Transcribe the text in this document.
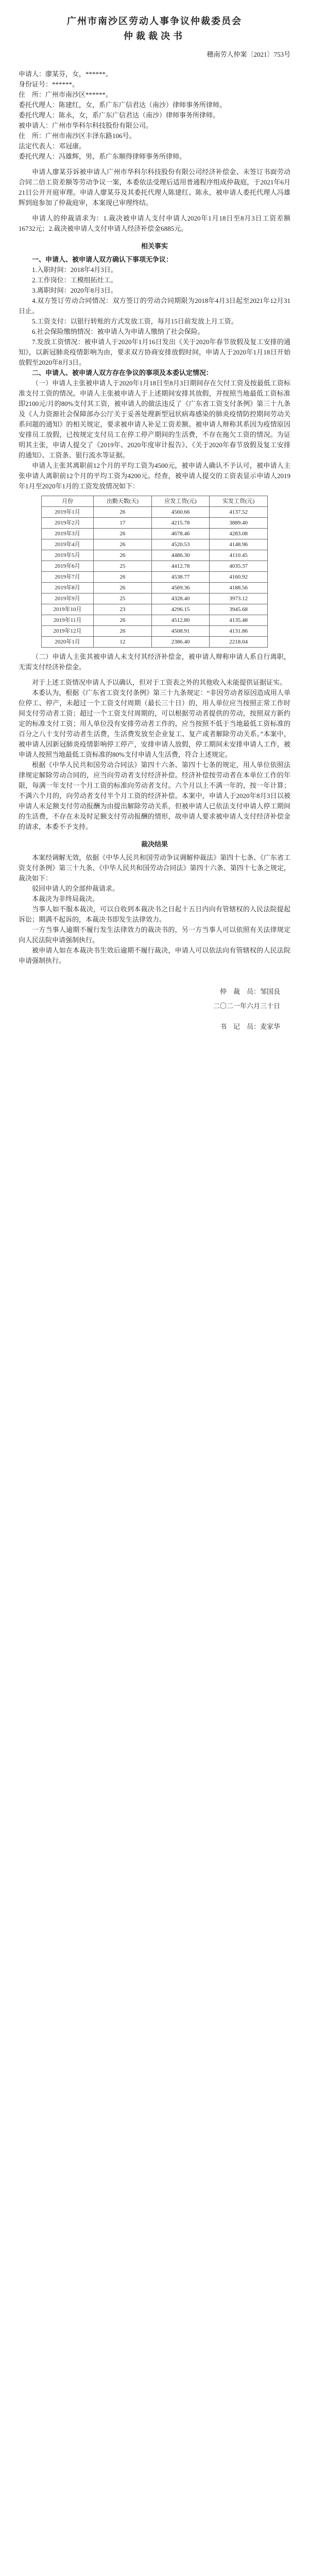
广州市南沙区劳动人事争议仲裁委员会
仲裁裁决书
穗南劳人仲案〔2021〕753号

申请人：廖某芬，女，******。

身份证号：******。

住　所：广州市南沙区******。

委托代理人：陈建红，女，系广东广信君达（南沙）律师事务所律师。

委托代理人：陈永，女，系广东广信君达（南沙）律师事务所律师。

被申请人：广州市华科尔科技股份有限公司。

住　所：广州市南沙区丰泽东路106号。

法定代表人：邓冠康。

委托代理人：冯雄辉，男，系广东顺得律师事务所律师。

申请人廖某芬诉被申请人广州市华科尔科技股份有限公司经济补偿金、未签订书面劳动合同二倍工资差额等劳动争议一案，本委依法受理后适用普通程序组成仲裁庭，于2021年6月21日公开开庭审理。申请人廖某芬及其委托代理人陈建红、陈永，被申请人委托代理人冯雄辉到庭参加了仲裁庭审，本案现已审理终结。

申请人的仲裁请求为：1.裁决被申请人支付申请人2020年1月18日至8月3日工资差额16732元；2.裁决被申请人支付申请人经济补偿金6885元。

相关事实

一、申请人、被申请人双方确认下事项无争议：

1.入职时间：2018年4月3日。

2.工作岗位：工模组拓灶工。

3.离职时间：2020年8月3日。

4.双方签订劳动合同情况：双方签订的劳动合同期限为2018年4月3日起至2021年12月31日止。

5.工资支付：以银行转账的方式发放工资，每月15日前发放上月工资。

6.社会保险缴纳情况：被申请人为申请人缴纳了社会保险。

7.发放工资情况：被申请人于2020年1月16日发出《关于2020年春节放假及复工安排的通知》，以新冠肺炎疫情影响为由，要求双方协商安排放假时间，申请人于2020年1月18日开始放假至2020年8月3日。

二、申请人、被申请人双方存在争议的事项及本委认定情况：

（一）申请人主张被申请人于2020年1月18日至8月3日期间存在欠付工资及按最低工资标准支付工资的情况。申请人主张被申请人于上述期间安排其放假，并按照当地最低工资标准即2100元/月的80%支付其工资，被申请人的做法违反了《广东省工资支付条例》第三十九条及《人力资源社会保障部办公厅关于妥善处理新型冠状病毒感染的肺炎疫情防控期间劳动关系问题的通知》的相关规定，要求被申请人补足工资差额。被申请人辩称其系因为疫情原因安排员工放假，已按规定支付员工在停工停产期间的生活费，不存在拖欠工资的情况。为证明其主张，申请人提交了《2019年、2020年度审计报告》、《关于2020年春节放假及复工安排的通知》、工资条、银行流水等证据。

申请人主张其离职前12个月的平均工资为4500元，被申请人确认不予认可，被申请人主张申请人离职前12个月的平均工资为4200元。经查，被申请人提交的工资表显示申请人2019年1月至2020年1月的工资发放情况如下：

月份	出勤天数(天)	应发工资(元)	实发工资(元)
2019年1月	26	4560.66	4137.52
2019年2月	17	4215.78	3889.40
2019年3月	26	4678.46	4283.08
2019年4月	26	4520.53	4148.96
2019年5月	26	4486.30	4110.45
2019年6月	25	4412.78	4035.37
2019年7月	26	4538.77	4160.92
2019年8月	26	4569.36	4188.56
2019年9月	25	4328.40	3973.12
2019年10月	23	4296.15	3945.68
2019年11月	26	4512.80	4135.48
2019年12月	26	4508.91	4131.86
2020年1月	12	2386.40	2218.04

（二）申请人主张其被申请人未支付其经济补偿金，被申请人辩称申请人系自行离职，无需支付经济补偿金。

对于上述工资情况申请人予以确认，但对于工资表之外的其他收入未能提供证据证实。

本委认为，根据《广东省工资支付条例》第三十九条规定：“非因劳动者原因造成用人单位停工、停产，未超过一个工资支付周期（最长三十日）的，用人单位应当按照正常工作时间支付劳动者工资；超过一个工资支付周期的，可以根据劳动者提供的劳动，按照双方新约定的标准支付工资；用人单位没有安排劳动者工作的，应当按照不低于当地最低工资标准的百分之八十支付劳动者生活费，生活费发放至企业复工、复产或者解除劳动关系。”本案中，被申请人因新冠肺炎疫情影响停工停产，安排申请人放假，停工期间未安排申请人工作，被申请人按照当地最低工资标准的80%支付申请人生活费，符合上述规定。

根据《中华人民共和国劳动合同法》第四十六条、第四十七条的规定，用人单位依照法律规定解除劳动合同的，应当向劳动者支付经济补偿。经济补偿按劳动者在本单位工作的年限，每满一年支付一个月工资的标准向劳动者支付。六个月以上不满一年的，按一年计算；不满六个月的，向劳动者支付半个月工资的经济补偿。本案中，申请人于2020年8月3日以被申请人未足额支付劳动报酬为由提出解除劳动关系，但被申请人已依法支付申请人停工期间的生活费，不存在未及时足额支付劳动报酬的情形，故申请人要求被申请人支付经济补偿金的请求，本委不予支持。

裁决结果

本案经调解无效，依据《中华人民共和国劳动争议调解仲裁法》第四十七条、《广东省工资支付条例》第三十九条、《中华人民共和国劳动合同法》第四十六条、第四十七条之规定，裁决如下：

驳回申请人的全部仲裁请求。

本裁决为非终局裁决。

当事人如不服本裁决，可以自收到本裁决书之日起十五日内向有管辖权的人民法院提起诉讼；期满不起诉的，本裁决书即发生法律效力。

一方当事人逾期不履行发生法律效力的裁决书的，另一方当事人可以依照有关法律规定向人民法院申请强制执行。

被申请人如在本裁决书生效后逾期不履行裁决，申请人可以依法向有管辖权的人民法院申请强制执行。

仲　裁　员：邹国良

二〇二一年六月三十日

书　记　员：麦家华
